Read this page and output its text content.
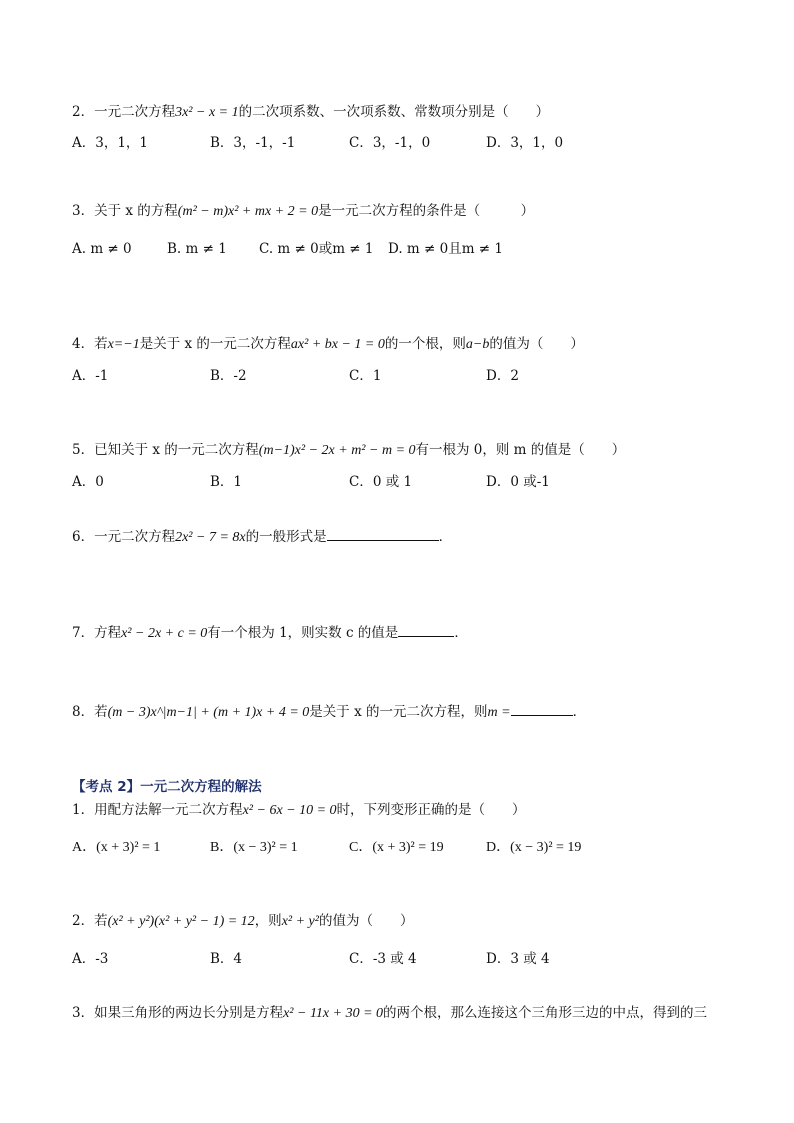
2．一元二次方程3x² − x = 1的二次项系数、一次项系数、常数项分别是（　　）
A．3，1，1	B．3，-1，-1	C．3，-1，0	D．3，1，0
3．关于 x 的方程(m² − m)x² + mx + 2 = 0是一元二次方程的条件是（　　　）
A. m ≠ 0	B. m ≠ 1 C. m ≠ 0或m ≠ 1 D. m ≠ 0且m ≠ 1
4．若x=−1是关于 x 的一元二次方程ax² + bx − 1 = 0的一个根，则a−b的值为（　　）
A．-1	B．-2	C．1	D．2
5．已知关于 x 的一元二次方程(m−1)x² − 2x + m² − m = 0有一根为 0，则 m 的值是（　　）
A．0	B．1	C．0 或 1	D．0 或-1
6．一元二次方程2x² − 7 = 8x的一般形式是	．
7．方程x² − 2x + c = 0有一个根为 1，则实数 c 的值是	．
8．若(m − 3)x^|m−1| + (m + 1)x + 4 = 0是关于 x 的一元二次方程，则m =	．
【考点 2】一元二次方程的解法
1．用配方法解一元二次方程x² − 6x − 10 = 0时，下列变形正确的是（　　）
A．(x + 3)² = 1	B．(x − 3)² = 1	C．(x + 3)² = 19	D．(x − 3)² = 19
2．若(x² + y²)(x² + y² − 1) = 12，则x² + y²的值为（　　）
A．-3	B．4	C．-3 或 4	D．3 或 4
3．如果三角形的两边长分别是方程x² − 11x + 30 = 0的两个根，那么连接这个三角形三边的中点，得到的三
